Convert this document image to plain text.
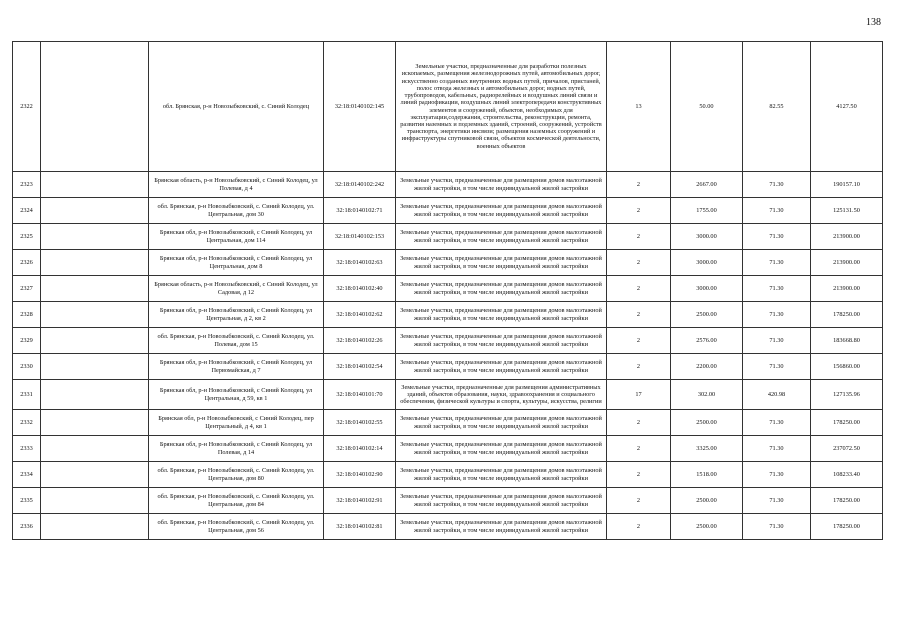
138
2322		обл. Брянская, р-н Новозыбковский, с. Синий Колодец	32:18:0140102:145	Земельные участки, предназначенные для разработки полезных ископаемых, размещения железнодорожных путей, автомобильных дорог, искусственно созданных внутренних водных путей, причалов, пристаней, полос отвода железных и автомобильных дорог, водных путей, трубопроводов, кабельных, радиорелейных и воздушных линий связи и линий радиофикации, воздушных линий электропередачи конструктивных элементов и сооружений, объектов, необходимых для эксплуатации,содержания, строительства, реконструкции, ремонта, развития наземных и подземных зданий, строений, сооружений, устройств транспорта, энергетики инсвязи; размещения наземных сооружений и инфраструктуры спутниковой связи, объектов космической деятельности, военных объектов	13	50.00	82.55	4127.50
2323		Брянская область, р-н Новозыбковский, с Синий Колодец, ул Полевая, д 4	32:18:0140102:242	Земельные участки, предназначенные для размещения домов малоэтажной жилой застройки, в том числе индивидуальной жилой застройки	2	2667.00	71.30	190157.10
2324		обл. Брянская, р-н Новозыбковский, с. Синий Колодец, ул. Центральная, дом 30	32:18:0140102:71	Земельные участки, предназначенные для размещения домов малоэтажной жилой застройки, в том числе индивидуальной жилой застройки	2	1755.00	71.30	125131.50
2325		Брянская обл, р-н Новозыбковский, с Синий Колодец, ул Центральная, дом 114	32:18:0140102:153	Земельные участки, предназначенные для размещения домов малоэтажной жилой застройки, в том числе индивидуальной жилой застройки	2	3000.00	71.30	213900.00
2326		Брянская обл, р-н Новозыбковский, с Синий Колодец, ул Центральная, дом 8	32:18:0140102:63	Земельные участки, предназначенные для размещения домов малоэтажной жилой застройки, в том числе индивидуальной жилой застройки	2	3000.00	71.30	213900.00
2327		Брянская область, р-н Новозыбковский, с Синий Колодец, ул Садовая, д 12	32:18:0140102:40	Земельные участки, предназначенные для размещения домов малоэтажной жилой застройки, в том числе индивидуальной жилой застройки	2	3000.00	71.30	213900.00
2328		Брянская обл, р-н Новозыбковский, с Синий Колодец, ул Центральная, д 2, кв 2	32:18:0140102:62	Земельные участки, предназначенные для размещения домов малоэтажной жилой застройки, в том числе индивидуальной жилой застройки	2	2500.00	71.30	178250.00
2329		обл. Брянская, р-н Новозыбковский, с. Синий Колодец, ул. Полевая, дом 15	32:18:0140102:26	Земельные участки, предназначенные для размещения домов малоэтажной жилой застройки, в том числе индивидуальной жилой застройки	2	2576.00	71.30	183668.80
2330		Брянская обл, р-н Новозыбковский, с Синий Колодец, ул Первомайская, д 7	32:18:0140102:54	Земельные участки, предназначенные для размещения домов малоэтажной жилой застройки, в том числе индивидуальной жилой застройки	2	2200.00	71.30	156860.00
2331		Брянская обл, р-н Новозыбковский, с Синий Колодец, ул Центральная, д 59, кв 1	32:18:0140101:70	Земельные участки, предназначенные для размещения административных зданий, объектов образования, науки, здравоохранения и социального обеспечения, физической культуры и спорта, культуры, искусства, религии	17	302.00	420.98	127135.96
2332		Брянская обл, р-н Новозыбковский, с Синий Колодец, пер Центральный, д 4, кв 1	32:18:0140102:55	Земельные участки, предназначенные для размещения домов малоэтажной жилой застройки, в том числе индивидуальной жилой застройки	2	2500.00	71.30	178250.00
2333		Брянская обл, р-н Новозыбковский, с Синий Колодец, ул Полевая, д 14	32:18:0140102:14	Земельные участки, предназначенные для размещения домов малоэтажной жилой застройки, в том числе индивидуальной жилой застройки	2	3325.00	71.30	237072.50
2334		обл. Брянская, р-н Новозыбковский, с. Синий Колодец, ул. Центральная, дом 80	32:18:0140102:90	Земельные участки, предназначенные для размещения домов малоэтажной жилой застройки, в том числе индивидуальной жилой застройки	2	1518.00	71.30	108233.40
2335		обл. Брянская, р-н Новозыбковский, с. Синий Колодец, ул. Центральная, дом 84	32:18:0140102:91	Земельные участки, предназначенные для размещения домов малоэтажной жилой застройки, в том числе индивидуальной жилой застройки	2	2500.00	71.30	178250.00
2336		обл. Брянская, р-н Новозыбковский, с. Синий Колодец, ул. Центральная, дом 56	32:18:0140102:81	Земельные участки, предназначенные для размещения домов малоэтажной жилой застройки, в том числе индивидуальной жилой застройки	2	2500.00	71.30	178250.00
